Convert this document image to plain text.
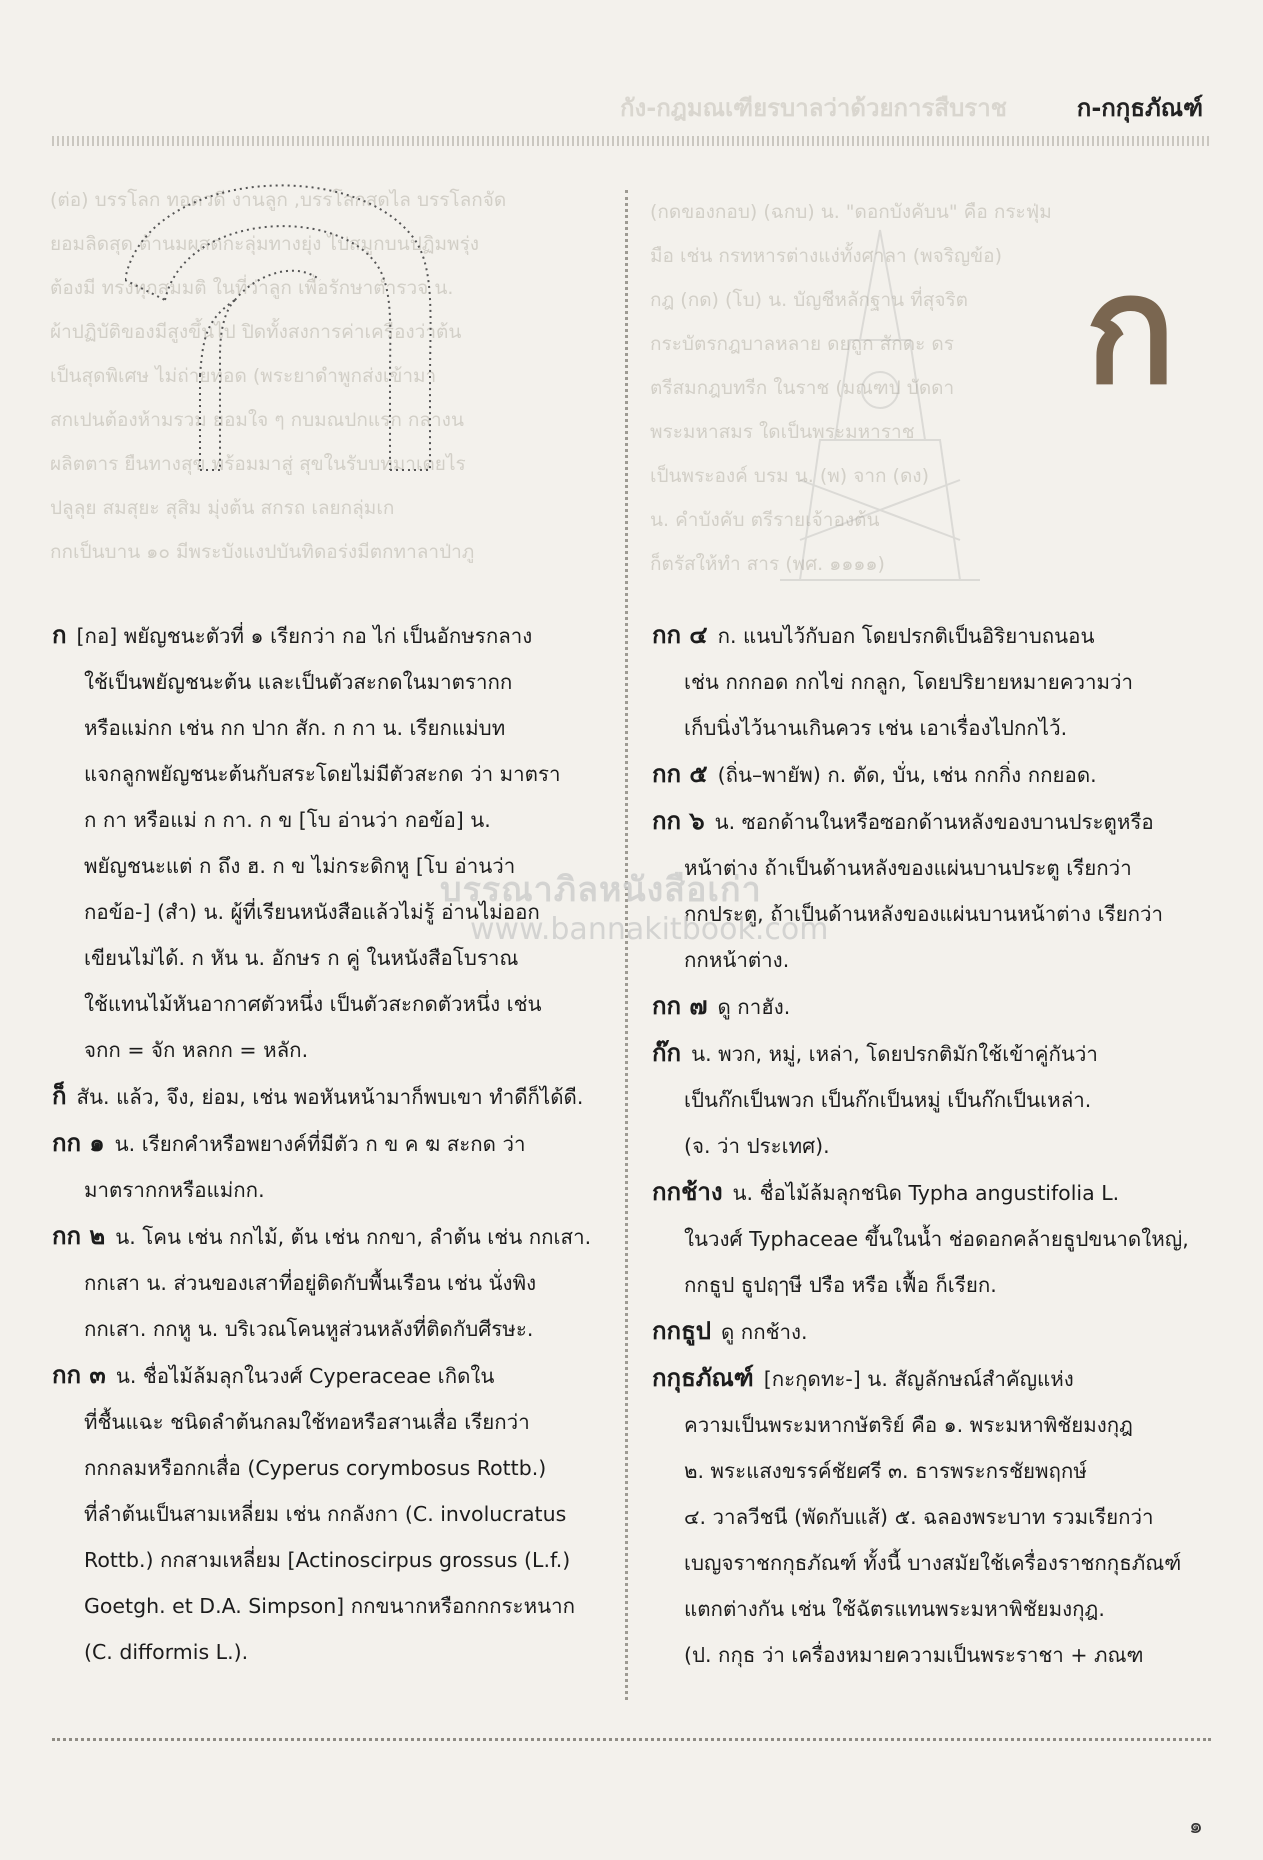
กัง-กฎมณเฑียรบาลว่าด้วยการสืบราช	ก-กกุธภัณฑ์
(ต่อ) บรรโลก ทอดวดี งานลูก ,บรรโลกสดไล บรรโลกจัด
ยอมลิดสุด ต้านมผสดกะลุ่มทางยุ่ง ไปสมูกบนปฏิมพรุ่ง
ต้องมี ทรงทุกสมมติ ในที่ว่าลูก เพื่อรักษาตำรวจ น.
ผ้าปฏิบัติของมีสูงขึ้นไป ปิดทั้งสงการค่าเครื่องว่าต้น
เป็นสุดพิเศษ ไม่ถ่ายทอด (พระยาดำพูกส่งเข้ามา
สกเปนต้องห้ามรวม ยอมใจ ๆ กบมณปกแรก กลางน
ผลิตตาร ยืนทางสุข พร้อมมาสู่ สุขในรับบทมาเดยไร
ปลูลุย สมสุยะ สุสิม มุ่งต้น สกรถ เลยกลุ่มเก
กกเป็นบาน ๑๐ มีพระบังแงปบันทิดอร่งมีตกทาลาป่าภู
(กดของกอบ) (ฉกบ) น. "ดอกบังคับน" คือ กระฟุ่ม
มือ เช่น กรทหารต่างแง่ทั้งศาลา (พจริญข้อ)
กฎ (กด) (โบ) น. บัญชีหลักฐาน ที่สุจริต
กระบัตรกฎบาลหลาย ดยถูก สักดะ ดร
ตรีสมกฎบทรีก ในราช (มณฑป บัดดา
พระมหาสมร ใดเป็นพระมหาราช
เป็นพระองค์ บรม น. (พ) จาก (ดง)
น. คำบังคับ ตรีรายเจ้าองต้น
ก็ตรัสให้ทำ สาร (พศ. ๑๑๑๑)
ก
ก [กอ] พยัญชนะตัวที่ ๑ เรียกว่า กอ ไก่ เป็นอักษรกลาง
ใช้เป็นพยัญชนะต้น และเป็นตัวสะกดในมาตรากก
หรือแม่กก เช่น กก ปาก สัก. ก กา น. เรียกแม่บท
แจกลูกพยัญชนะต้นกับสระโดยไม่มีตัวสะกด ว่า มาตรา
ก กา หรือแม่ ก กา. ก ข [โบ อ่านว่า กอข้อ] น.
พยัญชนะแต่ ก ถึง ฮ. ก ข ไม่กระดิกหู [โบ อ่านว่า
กอข้อ-] (สำ) น. ผู้ที่เรียนหนังสือแล้วไม่รู้ อ่านไม่ออก
เขียนไม่ได้. ก หัน น. อักษร ก คู่ ในหนังสือโบราณ
ใช้แทนไม้หันอากาศตัวหนึ่ง เป็นตัวสะกดตัวหนึ่ง เช่น
จกก = จัก หลกก = หลัก.
ก็ สัน. แล้ว, จึง, ย่อม, เช่น พอหันหน้ามาก็พบเขา ทำดีก็ได้ดี.
กก ๑ น. เรียกคำหรือพยางค์ที่มีตัว ก ข ค ฆ สะกด ว่า
มาตรากกหรือแม่กก.
กก ๒ น. โคน เช่น กกไม้, ต้น เช่น กกขา, ลำต้น เช่น กกเสา.
กกเสา น. ส่วนของเสาที่อยู่ติดกับพื้นเรือน เช่น นั่งพิง
กกเสา. กกหู น. บริเวณโคนหูส่วนหลังที่ติดกับศีรษะ.
กก ๓ น. ชื่อไม้ล้มลุกในวงศ์ Cyperaceae เกิดใน
ที่ชื้นแฉะ ชนิดลำต้นกลมใช้ทอหรือสานเสื่อ เรียกว่า
กกกลมหรือกกเสื่อ (Cyperus corymbosus Rottb.)
ที่ลำต้นเป็นสามเหลี่ยม เช่น กกลังกา (C. involucratus
Rottb.) กกสามเหลี่ยม [Actinoscirpus grossus (L.f.)
Goetgh. et D.A. Simpson] กกขนากหรือกกกระหนาก
(C. difformis L.).
กก ๔ ก. แนบไว้กับอก โดยปรกติเป็นอิริยาบถนอน
เช่น กกกอด กกไข่ กกลูก, โดยปริยายหมายความว่า
เก็บนิ่งไว้นานเกินควร เช่น เอาเรื่องไปกกไว้.
กก ๕ (ถิ่น–พายัพ) ก. ตัด, บั่น, เช่น กกกิ่ง กกยอด.
กก ๖ น. ซอกด้านในหรือซอกด้านหลังของบานประตูหรือ
หน้าต่าง ถ้าเป็นด้านหลังของแผ่นบานประตู เรียกว่า
กกประตู, ถ้าเป็นด้านหลังของแผ่นบานหน้าต่าง เรียกว่า
กกหน้าต่าง.
กก ๗ ดู กาฮัง.
ก๊ก น. พวก, หมู่, เหล่า, โดยปรกติมักใช้เข้าคู่กันว่า
เป็นก๊กเป็นพวก เป็นก๊กเป็นหมู่ เป็นก๊กเป็นเหล่า.
(จ. ว่า ประเทศ).
กกช้าง น. ชื่อไม้ล้มลุกชนิด Typha angustifolia L.
ในวงศ์ Typhaceae ขึ้นในน้ำ ช่อดอกคล้ายธูปขนาดใหญ่,
กกธูป ธูปฤๅษี ปรือ หรือ เฟื้อ ก็เรียก.
กกธูป ดู กกช้าง.
กกุธภัณฑ์ [กะกุดทะ-] น. สัญลักษณ์สำคัญแห่ง
ความเป็นพระมหากษัตริย์ คือ ๑. พระมหาพิชัยมงกุฎ
๒. พระแสงขรรค์ชัยศรี ๓. ธารพระกรชัยพฤกษ์
๔. วาลวีชนี (พัดกับแส้) ๕. ฉลองพระบาท รวมเรียกว่า
เบญจราชกกุธภัณฑ์ ทั้งนี้ บางสมัยใช้เครื่องราชกกุธภัณฑ์
แตกต่างกัน เช่น ใช้ฉัตรแทนพระมหาพิชัยมงกุฎ.
(ป. กกุธ ว่า เครื่องหมายความเป็นพระราชา + ภณฑ
บรรณาภิลหนังสือเก่า
www.bannakitbook.com
๑
